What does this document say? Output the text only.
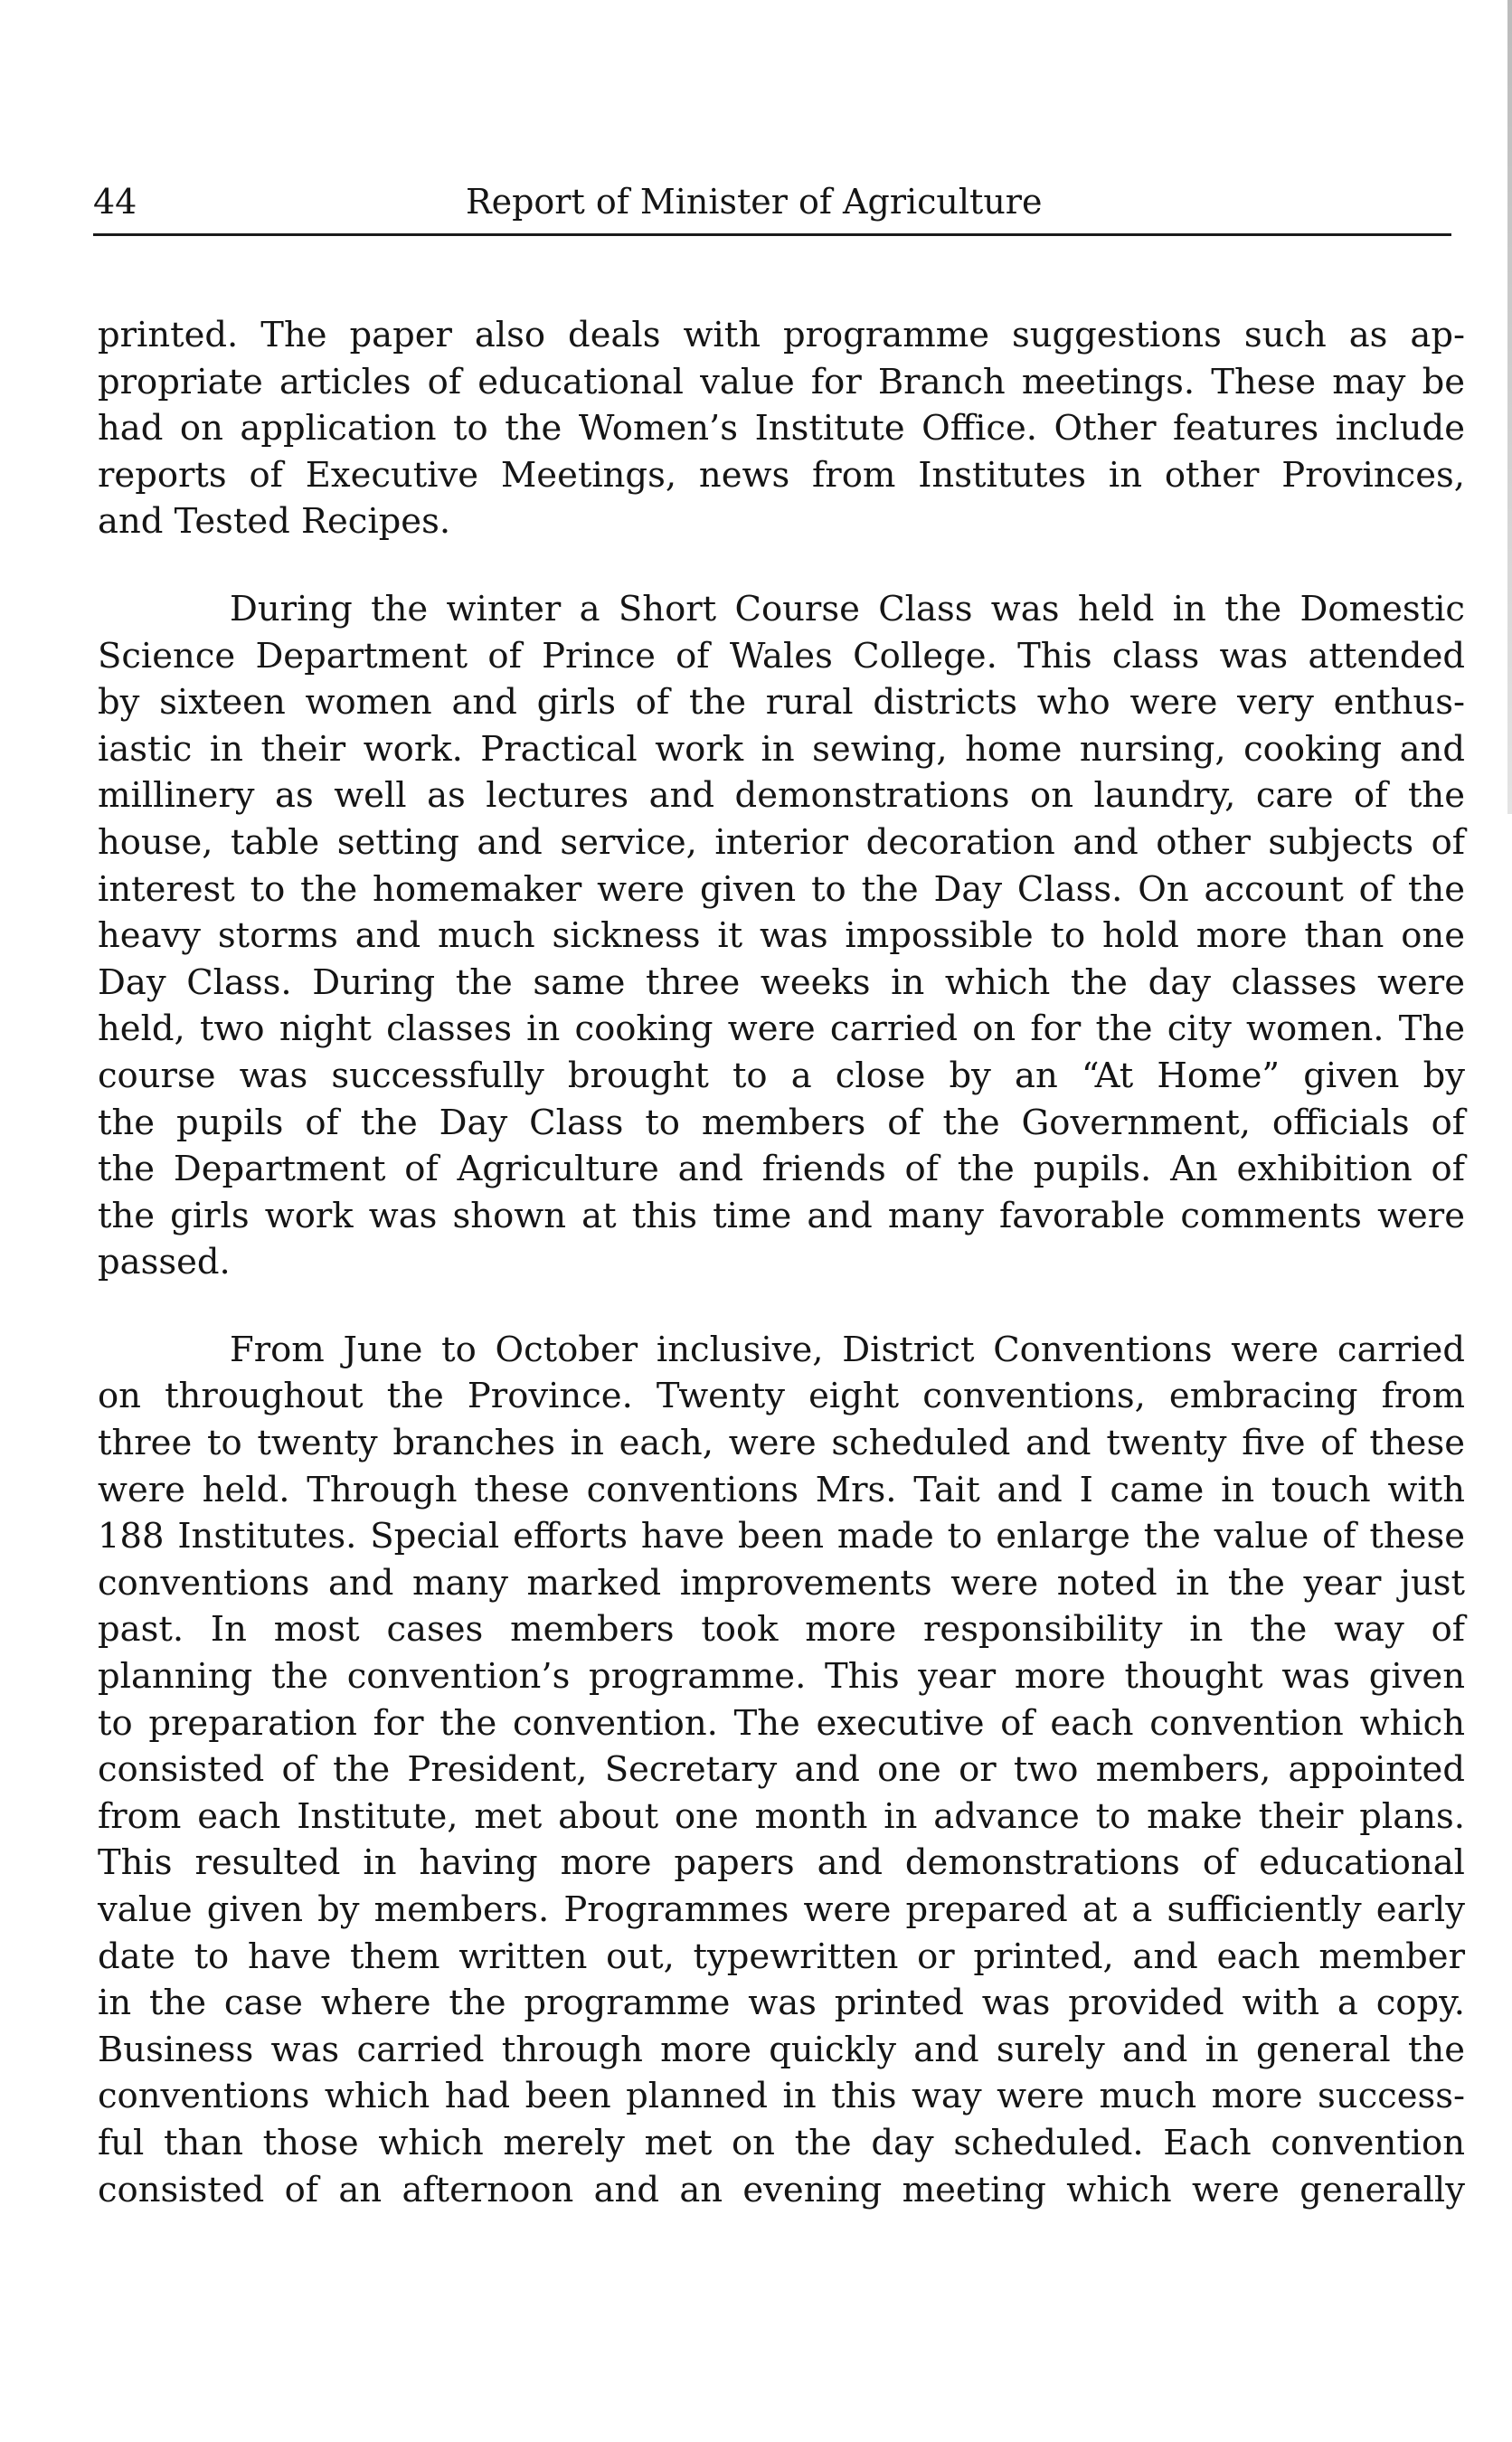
44	Report of Minister of Agriculture
printed. The paper also deals with programme suggestions such as ap-
propriate articles of educational value for Branch meetings. These may be
had on application to the Women’s Institute Office. Other features include
reports of Executive Meetings, news from Institutes in other Provinces,
and Tested Recipes.
During the winter a Short Course Class was held in the Domestic
Science Department of Prince of Wales College. This class was attended
by sixteen women and girls of the rural districts who were very enthus-
iastic in their work. Practical work in sewing, home nursing, cooking and
millinery as well as lectures and demonstrations on laundry, care of the
house, table setting and service, interior decoration and other subjects of
interest to the homemaker were given to the Day Class. On account of the
heavy storms and much sickness it was impossible to hold more than one
Day Class. During the same three weeks in which the day classes were
held, two night classes in cooking were carried on for the city women. The
course was successfully brought to a close by an “At Home” given by
the pupils of the Day Class to members of the Government, officials of
the Department of Agriculture and friends of the pupils. An exhibition of
the girls work was shown at this time and many favorable comments were
passed.
From June to October inclusive, District Conventions were carried
on throughout the Province. Twenty eight conventions, embracing from
three to twenty branches in each, were scheduled and twenty five of these
were held. Through these conventions Mrs. Tait and I came in touch with
188 Institutes. Special efforts have been made to enlarge the value of these
conventions and many marked improvements were noted in the year just
past. In most cases members took more responsibility in the way of
planning the convention’s programme. This year more thought was given
to preparation for the convention. The executive of each convention which
consisted of the President, Secretary and one or two members, appointed
from each Institute, met about one month in advance to make their plans.
This resulted in having more papers and demonstrations of educational
value given by members. Programmes were prepared at a sufficiently early
date to have them written out, typewritten or printed, and each member
in the case where the programme was printed was provided with a copy.
Business was carried through more quickly and surely and in general the
conventions which had been planned in this way were much more success-
ful than those which merely met on the day scheduled. Each convention
consisted of an afternoon and an evening meeting which were generally
